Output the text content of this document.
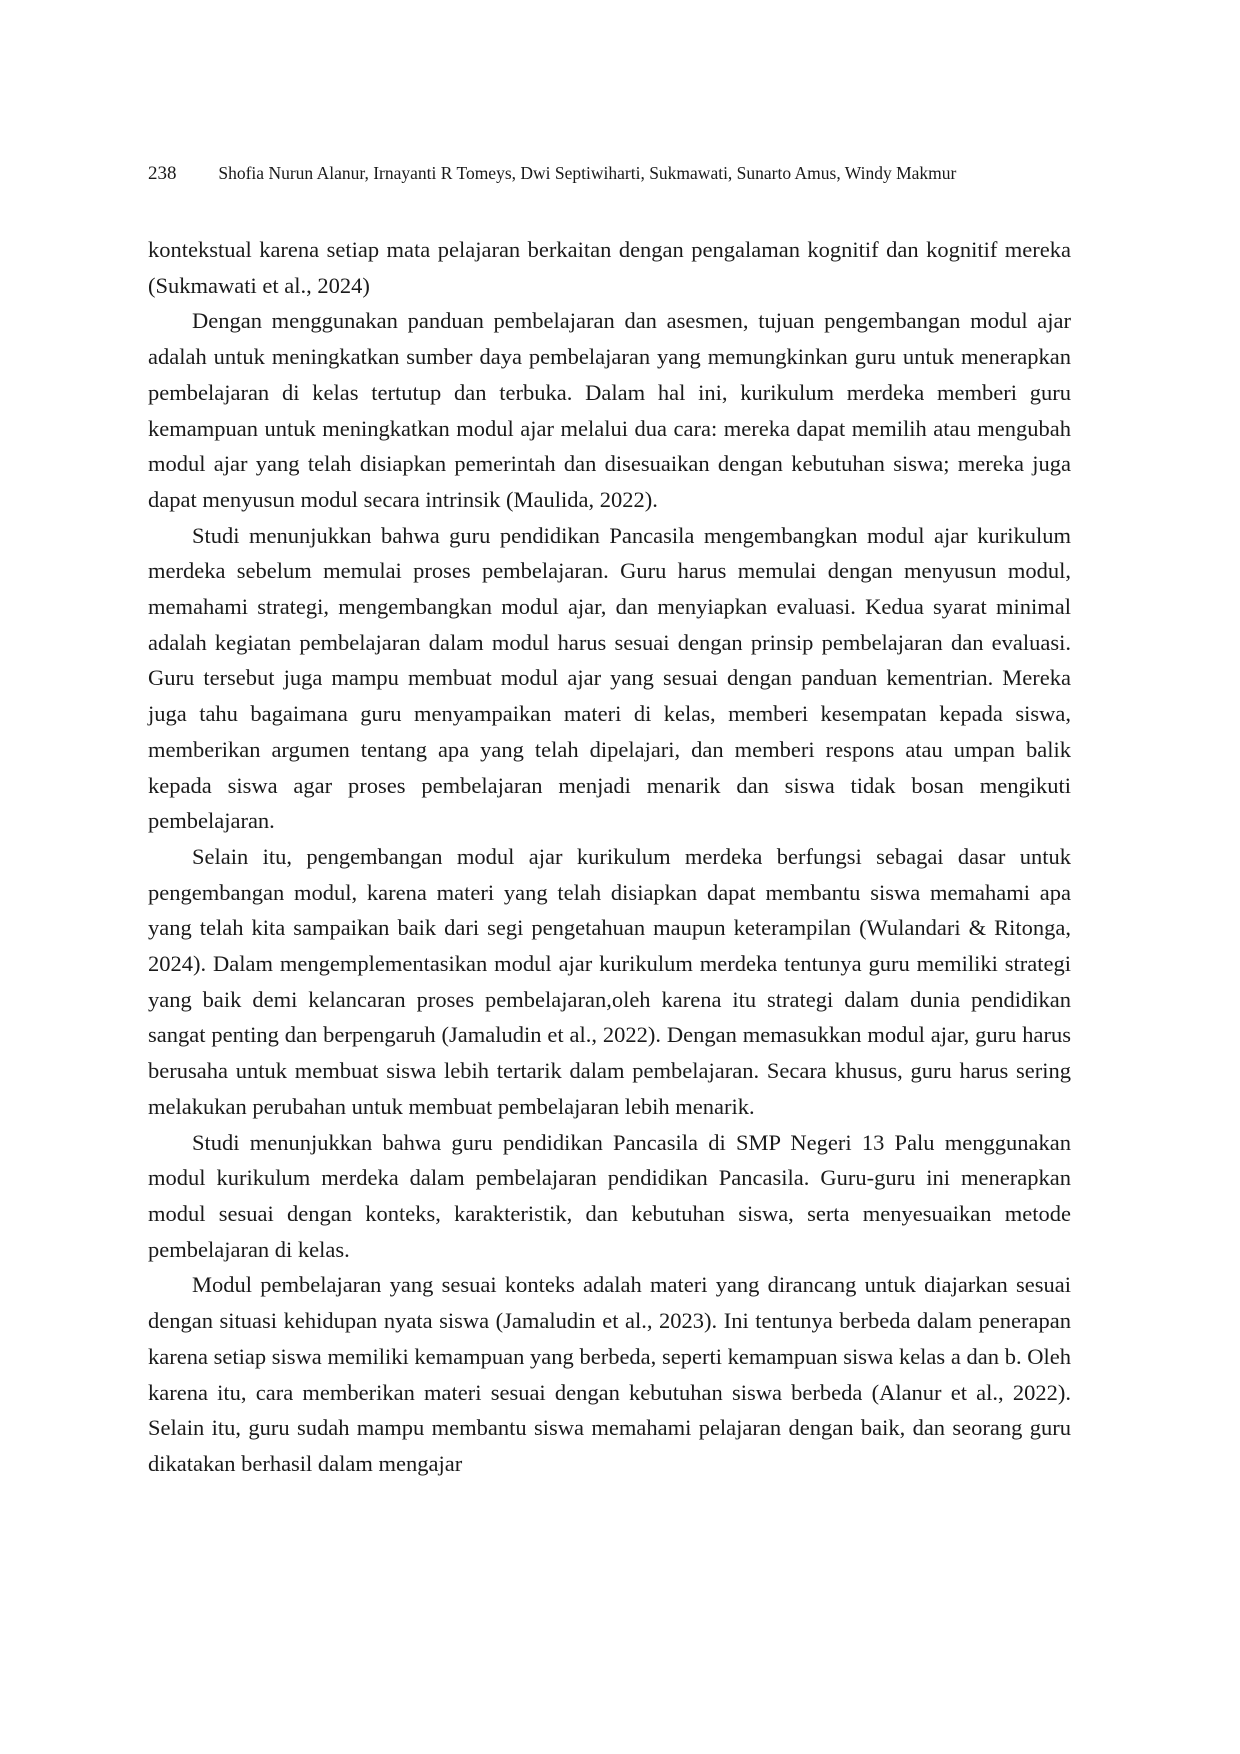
238 Shofia Nurun Alanur, Irnayanti R Tomeys, Dwi Septiwiharti, Sukmawati, Sunarto Amus, Windy Makmur

kontekstual karena setiap mata pelajaran berkaitan dengan pengalaman kognitif dan kognitif mereka (Sukmawati et al., 2024)

Dengan menggunakan panduan pembelajaran dan asesmen, tujuan pengembangan modul ajar adalah untuk meningkatkan sumber daya pembelajaran yang memungkinkan guru untuk menerapkan pembelajaran di kelas tertutup dan terbuka. Dalam hal ini, kurikulum merdeka memberi guru kemampuan untuk meningkatkan modul ajar melalui dua cara: mereka dapat memilih atau mengubah modul ajar yang telah disiapkan pemerintah dan disesuaikan dengan kebutuhan siswa; mereka juga dapat menyusun modul secara intrinsik (Maulida, 2022).

Studi menunjukkan bahwa guru pendidikan Pancasila mengembangkan modul ajar kurikulum merdeka sebelum memulai proses pembelajaran. Guru harus memulai dengan menyusun modul, memahami strategi, mengembangkan modul ajar, dan menyiapkan evaluasi. Kedua syarat minimal adalah kegiatan pembelajaran dalam modul harus sesuai dengan prinsip pembelajaran dan evaluasi. Guru tersebut juga mampu membuat modul ajar yang sesuai dengan panduan kementrian. Mereka juga tahu bagaimana guru menyampaikan materi di kelas, memberi kesempatan kepada siswa, memberikan argumen tentang apa yang telah dipelajari, dan memberi respons atau umpan balik kepada siswa agar proses pembelajaran menjadi menarik dan siswa tidak bosan mengikuti pembelajaran.

Selain itu, pengembangan modul ajar kurikulum merdeka berfungsi sebagai dasar untuk pengembangan modul, karena materi yang telah disiapkan dapat membantu siswa memahami apa yang telah kita sampaikan baik dari segi pengetahuan maupun keterampilan (Wulandari & Ritonga, 2024). Dalam mengemplementasikan modul ajar kurikulum merdeka tentunya guru memiliki strategi yang baik demi kelancaran proses pembelajaran,oleh karena itu strategi dalam dunia pendidikan sangat penting dan berpengaruh (Jamaludin et al., 2022). Dengan memasukkan modul ajar, guru harus berusaha untuk membuat siswa lebih tertarik dalam pembelajaran. Secara khusus, guru harus sering melakukan perubahan untuk membuat pembelajaran lebih menarik.

Studi menunjukkan bahwa guru pendidikan Pancasila di SMP Negeri 13 Palu menggunakan modul kurikulum merdeka dalam pembelajaran pendidikan Pancasila. Guru-guru ini menerapkan modul sesuai dengan konteks, karakteristik, dan kebutuhan siswa, serta menyesuaikan metode pembelajaran di kelas.

Modul pembelajaran yang sesuai konteks adalah materi yang dirancang untuk diajarkan sesuai dengan situasi kehidupan nyata siswa (Jamaludin et al., 2023). Ini tentunya berbeda dalam penerapan karena setiap siswa memiliki kemampuan yang berbeda, seperti kemampuan siswa kelas a dan b. Oleh karena itu, cara memberikan materi sesuai dengan kebutuhan siswa berbeda (Alanur et al., 2022). Selain itu, guru sudah mampu membantu siswa memahami pelajaran dengan baik, dan seorang guru dikatakan berhasil dalam mengajar
